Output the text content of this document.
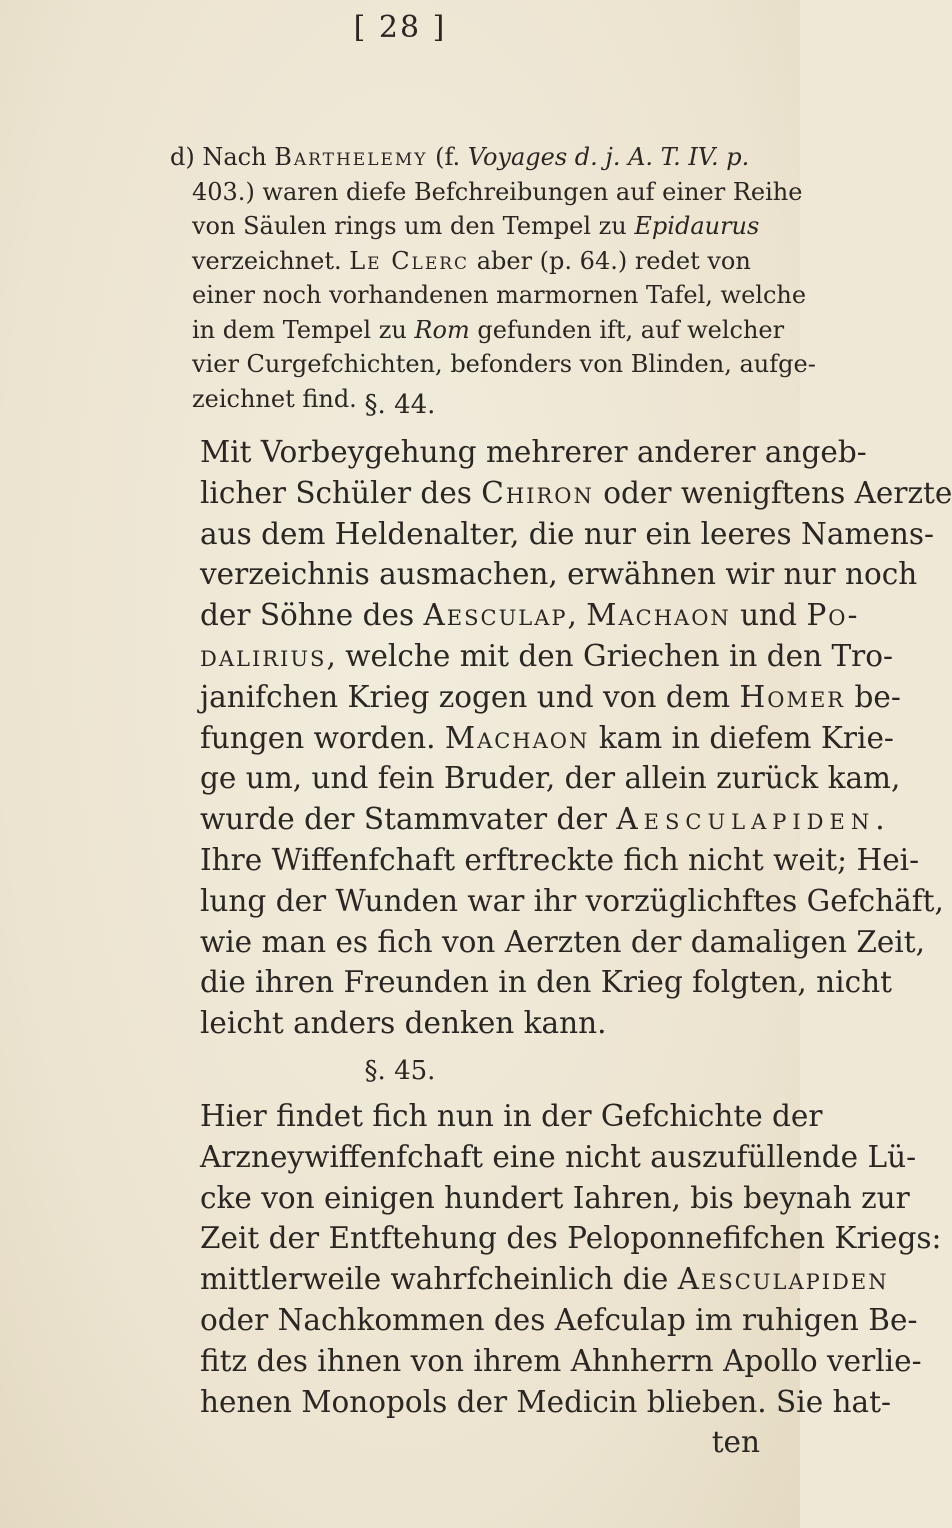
[ 28 ]
d) Nach Barthelemy (f. Voyages d. j. A. T. IV. p.
403.) waren diefe Befchreibungen auf einer Reihe
von Säulen rings um den Tempel zu Epidaurus
verzeichnet. Le Clerc aber (p. 64.) redet von
einer noch vorhandenen marmornen Tafel, welche
in dem Tempel zu Rom gefunden ift, auf welcher
vier Curgefchichten, befonders von Blinden, aufge-
zeichnet find. §. 44.
Mit Vorbeygehung mehrerer anderer angeb-
licher Schüler des Chiron oder wenigftens Aerzte
aus dem Heldenalter, die nur ein leeres Namens-
verzeichnis ausmachen, erwähnen wir nur noch
der Söhne des Aesculap, Machaon und Po-
dalirius, welche mit den Griechen in den Tro-
janifchen Krieg zogen und von dem Homer be-
fungen worden. Machaon kam in diefem Krie-
ge um, und fein Bruder, der allein zurück kam,
wurde der Stammvater der Aesculapiden.
Ihre Wiffenfchaft erftreckte fich nicht weit; Hei-
lung der Wunden war ihr vorzüglichftes Gefchäft,
wie man es fich von Aerzten der damaligen Zeit,
die ihren Freunden in den Krieg folgten, nicht
leicht anders denken kann.
§. 45.
Hier findet fich nun in der Gefchichte der
Arzneywiffenfchaft eine nicht auszufüllende Lü-
cke von einigen hundert Iahren, bis beynah zur
Zeit der Entftehung des Peloponnefifchen Kriegs:
mittlerweile wahrfcheinlich die Aesculapiden
oder Nachkommen des Aefculap im ruhigen Be-
fitz des ihnen von ihrem Ahnherrn Apollo verlie-
henen Monopols der Medicin blieben. Sie hat-
ten
